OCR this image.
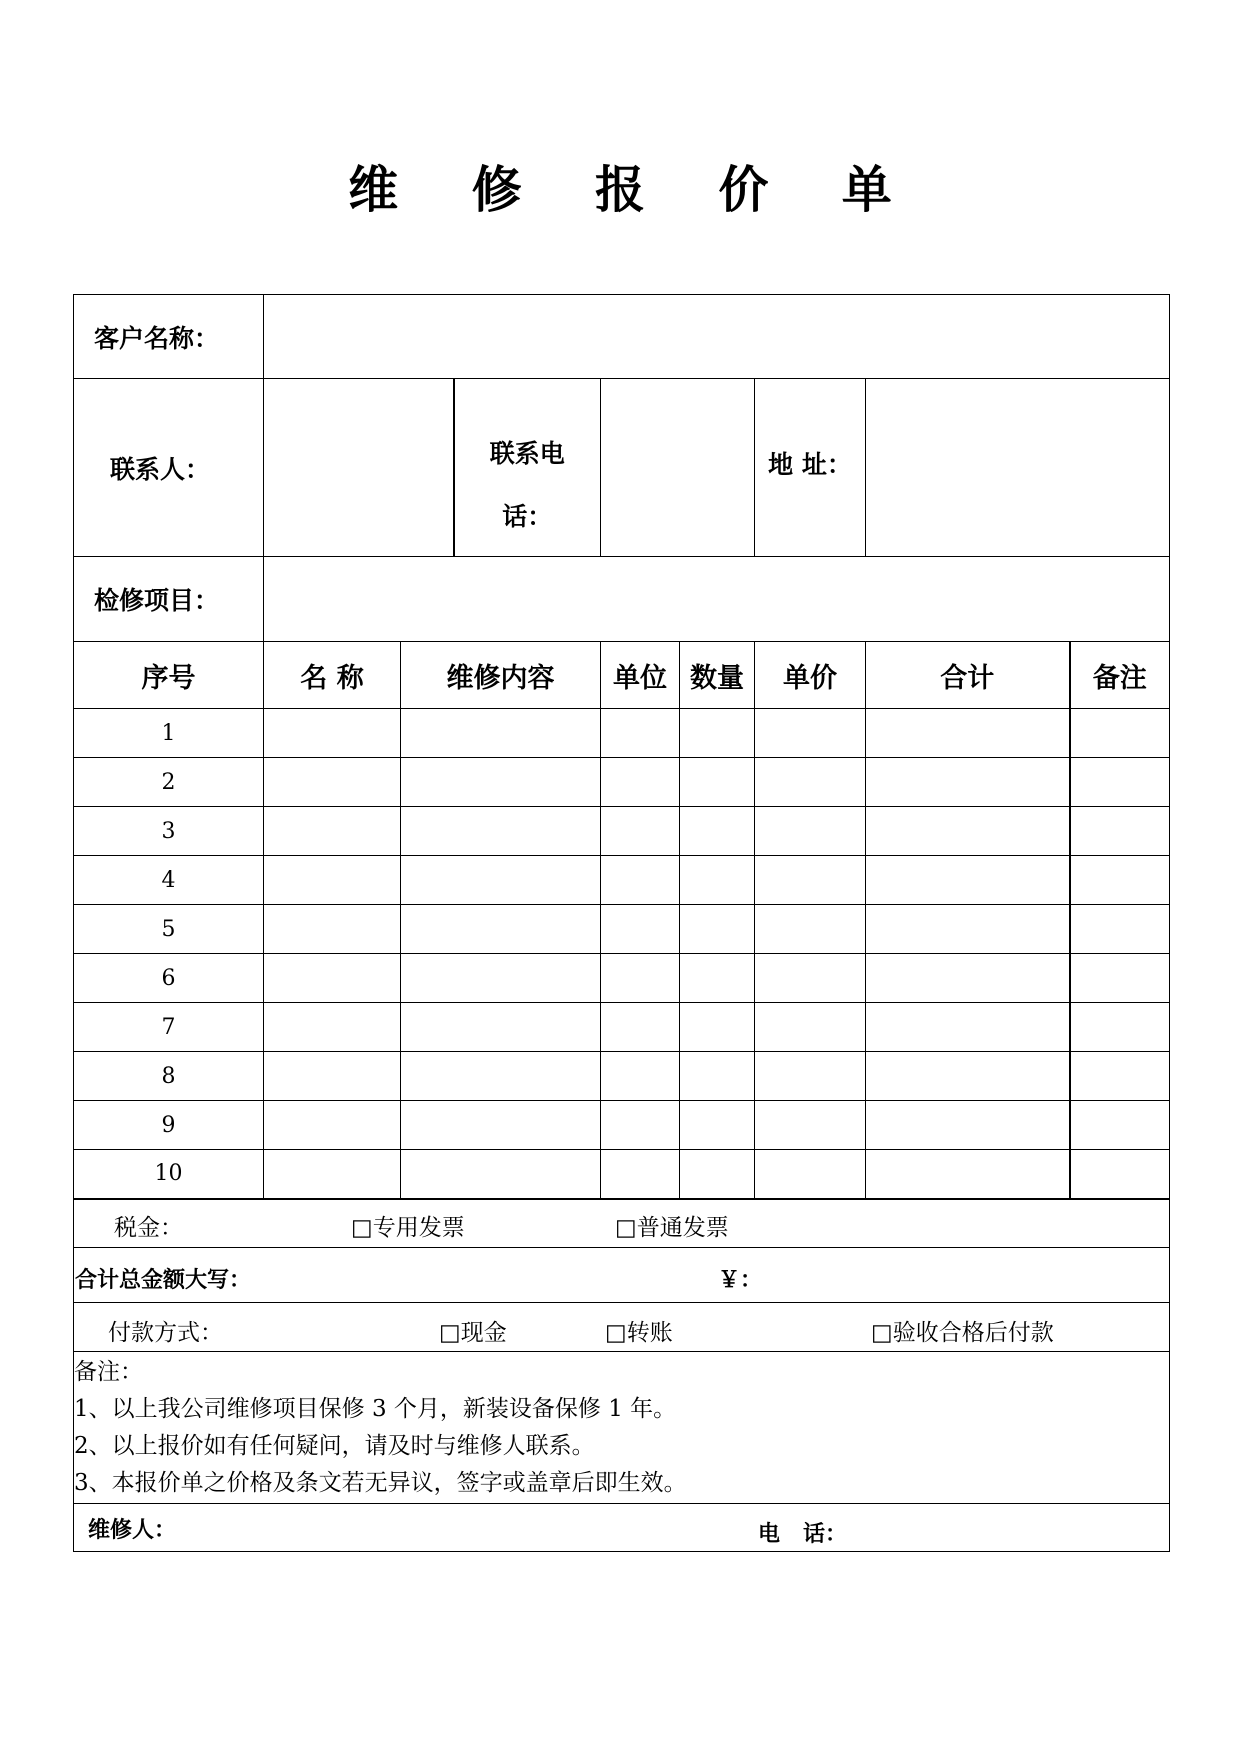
维 修 报 价 单
客户名称：								
联系人：			联系电
话：			地 址：		
检修项目：								
序号	名 称	维修内容		单位	数量	单价	合计	备注
1								
2								
3								
4								
5								
6								
7								
8								
9								
10								

税金： □专用发票 □普通发票								

合计总金额大写： ￥：								

付款方式： □现金 □转账 □验收合格后付款								

备注：
1、以上我公司维修项目保修 3 个月，新装设备保修 1 年。
2、以上报价如有任何疑问，请及时与维修人联系。
3、本报价单之价格及条文若无异议，签字或盖章后即生效。								

维修人： 电   话：								
